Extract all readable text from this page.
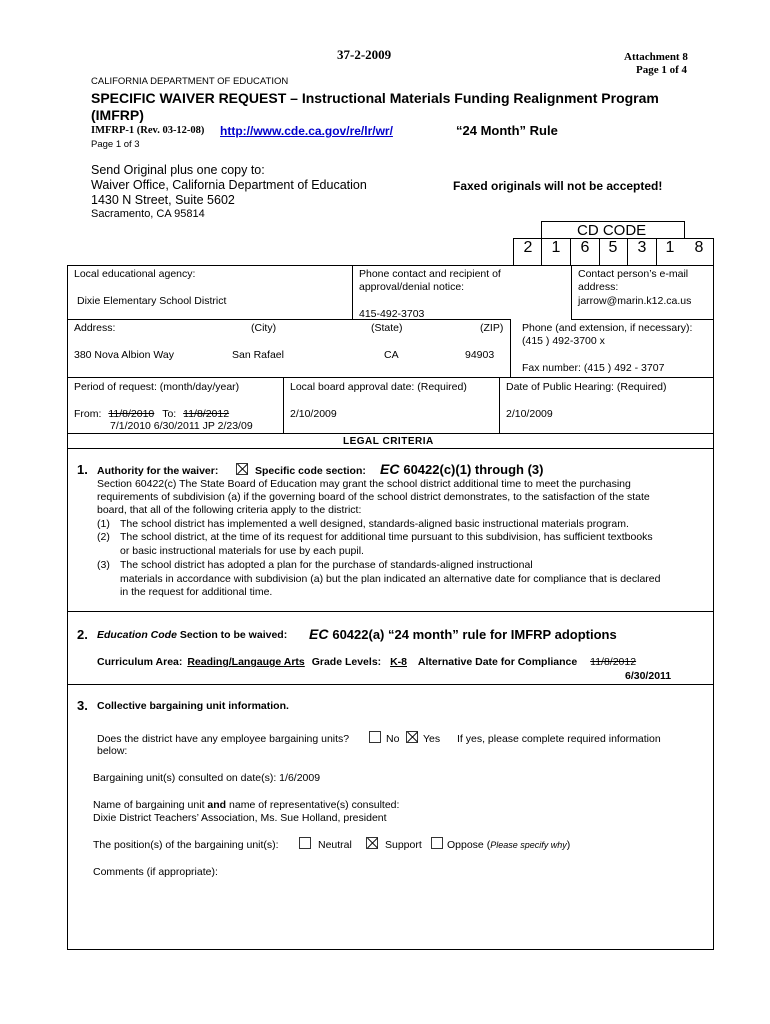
37-2-2009	Attachment 8
Page 1 of 4
CALIFORNIA DEPARTMENT OF EDUCATION
SPECIFIC WAIVER REQUEST – Instructional Materials Funding Realignment Program
(IMFRP)
IMFRP-1 (Rev. 03-12-08) http://www.cde.ca.gov/re/lr/wr/	“24 Month” Rule
Page 1 of 3
Send Original plus one copy to:
Waiver Office, California Department of Education
1430 N Street, Suite 5602
Sacramento, CA 95814
Faxed originals will not be accepted!
CD CODE
2	1	6	5	3	1	8
Local educational agency:
Dixie Elementary School District
Phone contact and recipient of
approval/denial notice:
415-492-3703
Contact person’s e-mail
address:
jarrow@marin.k12.ca.us
Address:	(City)	(State)	(ZIP)
380 Nova Albion Way	San Rafael	CA	94903
Phone (and extension, if necessary):
(415 ) 492-3700 x
Fax number: (415 ) 492 - 3707
Period of request: (month/day/year)
From: 11/8/2010 To: 11/8/2012
7/1/2010 6/30/2011 JP 2/23/09
Local board approval date: (Required)
2/10/2009
Date of Public Hearing: (Required)
2/10/2009
LEGAL CRITERIA
1. Authority for the waiver:	Specific code section: EC 60422(c)(1) through (3)
Section 60422(c) The State Board of Education may grant the school district additional time to meet the purchasing
requirements of subdivision (a) if the governing board of the school district demonstrates, to the satisfaction of the state
board, that all of the following criteria apply to the district:
(1) The school district has implemented a well designed, standards-aligned basic instructional materials program.
(2) The school district, at the time of its request for additional time pursuant to this subdivision, has sufficient textbooks
or basic instructional materials for use by each pupil.
(3) The school district has adopted a plan for the purchase of standards-aligned instructional
materials in accordance with subdivision (a) but the plan indicated an alternative date for compliance that is declared
in the request for additional time.
2. Education Code Section to be waived: EC 60422(a) “24 month” rule for IMFRP adoptions
Curriculum Area: Reading/Langauge Arts Grade Levels: K-8 Alternative Date for Compliance 11/8/2012
6/30/2011
3. Collective bargaining unit information.
Does the district have any employee bargaining units?
below:
No Yes If yes, please complete required information
Bargaining unit(s) consulted on date(s): 1/6/2009
Name of bargaining unit and name of representative(s) consulted:
Dixie District Teachers’ Association, Ms. Sue Holland, president
The position(s) of the bargaining unit(s):	Neutral	Support Oppose (Please specify why)
Comments (if appropriate):
